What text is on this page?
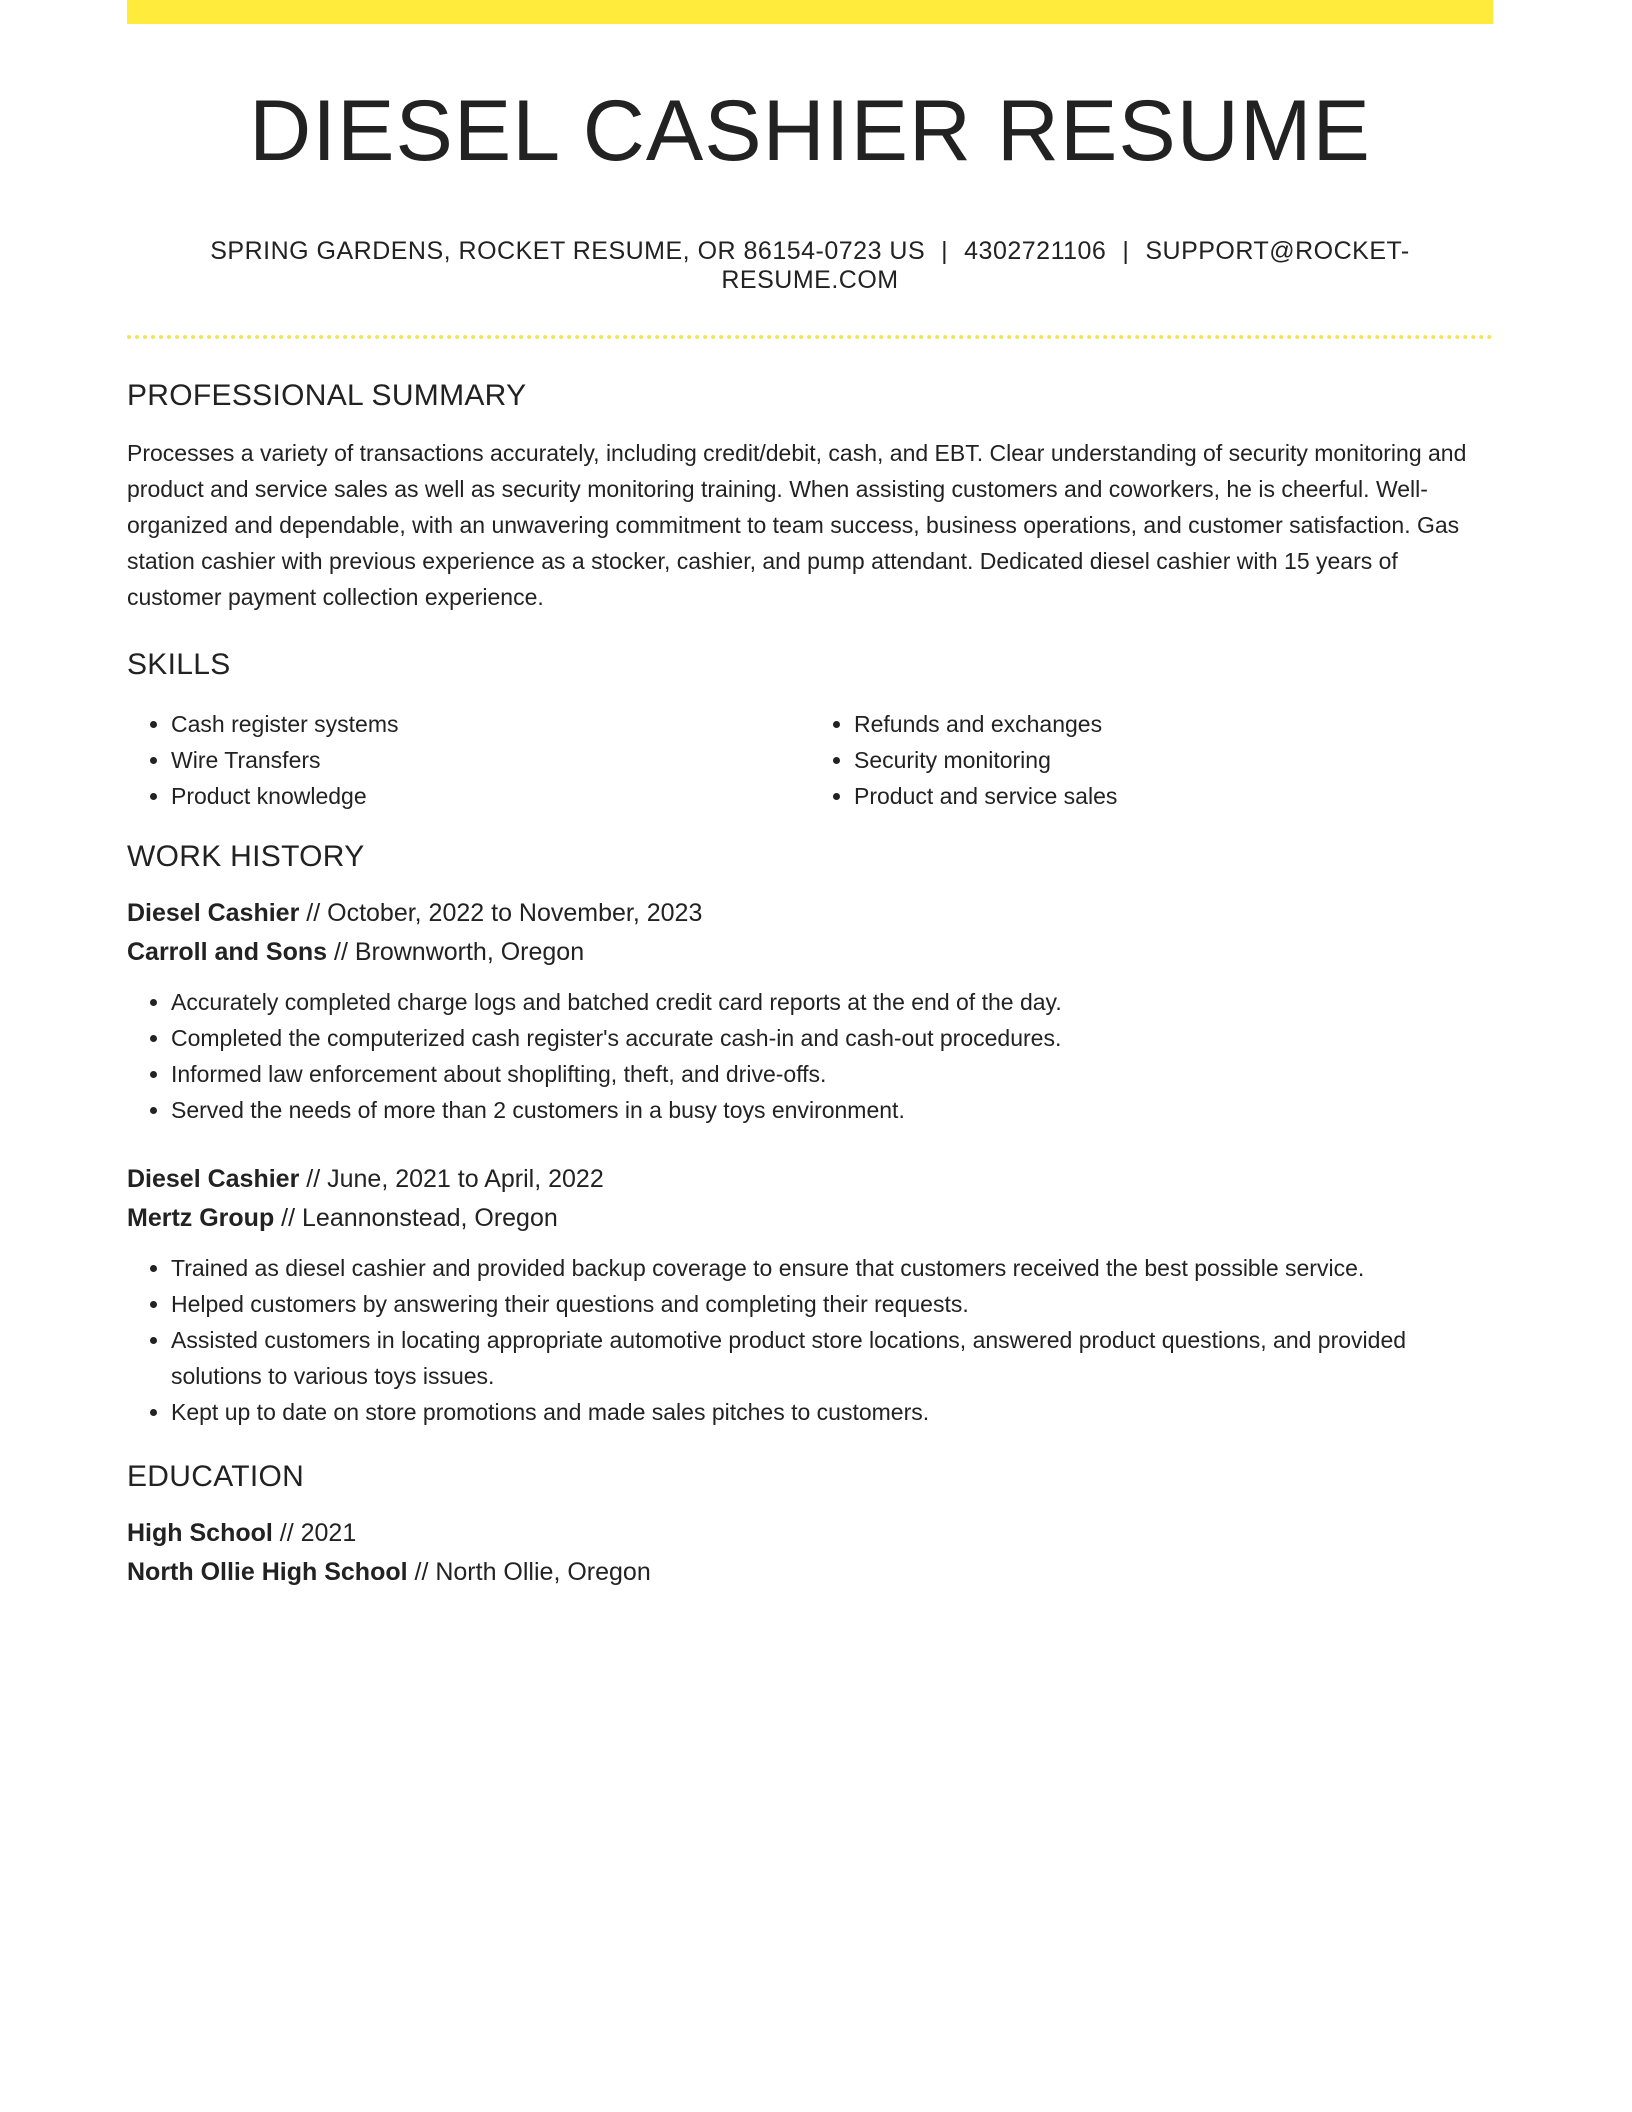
DIESEL CASHIER RESUME
SPRING GARDENS, ROCKET RESUME, OR 86154-0723 US | 4302721106 | SUPPORT@ROCKET-RESUME.COM
PROFESSIONAL SUMMARY

Processes a variety of transactions accurately, including credit/debit, cash, and EBT. Clear understanding of security monitoring and product and service sales as well as security monitoring training. When assisting customers and coworkers, he is cheerful. Well-organized and dependable, with an unwavering commitment to team success, business operations, and customer satisfaction. Gas station cashier with previous experience as a stocker, cashier, and pump attendant. Dedicated diesel cashier with 15 years of customer payment collection experience.

SKILLS
• Cash register systems
• Wire Transfers
• Product knowledge
• Refunds and exchanges
• Security monitoring
• Product and service sales
WORK HISTORY
Diesel Cashier // October, 2022 to November, 2023
Carroll and Sons // Brownworth, Oregon
• Accurately completed charge logs and batched credit card reports at the end of the day.
• Completed the computerized cash register's accurate cash-in and cash-out procedures.
• Informed law enforcement about shoplifting, theft, and drive-offs.
• Served the needs of more than 2 customers in a busy toys environment.
Diesel Cashier // June, 2021 to April, 2022
Mertz Group // Leannonstead, Oregon
• Trained as diesel cashier and provided backup coverage to ensure that customers received the best possible service.
• Helped customers by answering their questions and completing their requests.
• Assisted customers in locating appropriate automotive product store locations, answered product questions, and provided solutions to various toys issues.
• Kept up to date on store promotions and made sales pitches to customers.
EDUCATION
High School // 2021
North Ollie High School // North Ollie, Oregon
